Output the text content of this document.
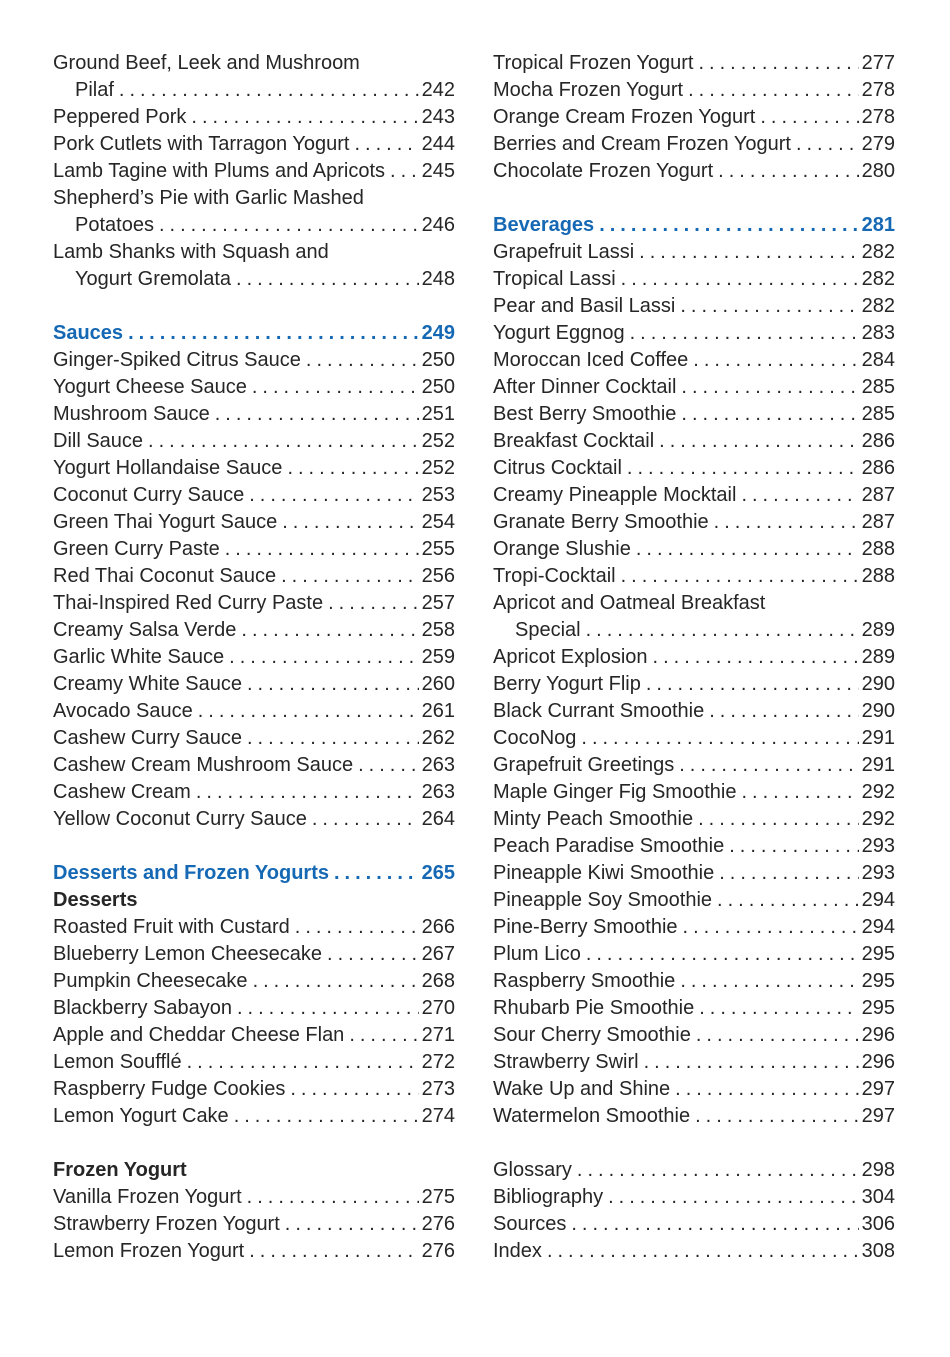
Ground Beef, Leek and Mushroom
Pilaf .....	242
Peppered Pork .....	243
Pork Cutlets with Tarragon Yogurt .....	244
Lamb Tagine with Plums and Apricots ..... 245
Shepherd’s Pie with Garlic Mashed
Potatoes .....	246
Lamb Shanks with Squash and
Yogurt Gremolata .....	248
Sauces .....	249
Ginger-Spiked Citrus Sauce .....	250
Yogurt Cheese Sauce .....	250
Mushroom Sauce .....	251
Dill Sauce .....	252
Yogurt Hollandaise Sauce .....	252
Coconut Curry Sauce .....	253
Green Thai Yogurt Sauce .....	254
Green Curry Paste .....	255
Red Thai Coconut Sauce .....	256
Thai-Inspired Red Curry Paste .....	257
Creamy Salsa Verde .....	258
Garlic White Sauce .....	259
Creamy White Sauce .....	260
Avocado Sauce .....	261
Cashew Curry Sauce .....	262
Cashew Cream Mushroom Sauce .....	263
Cashew Cream .....	263
Yellow Coconut Curry Sauce .....	264
Desserts and Frozen Yogurts .....	265
Desserts
Roasted Fruit with Custard .....	266
Blueberry Lemon Cheesecake .....	267
Pumpkin Cheesecake .....	268
Blackberry Sabayon .....	270
Apple and Cheddar Cheese Flan .....	271
Lemon Soufflé .....	272
Raspberry Fudge Cookies .....	273
Lemon Yogurt Cake .....	274
Frozen Yogurt
Vanilla Frozen Yogurt .....	275
Strawberry Frozen Yogurt .....	276
Lemon Frozen Yogurt .....	276
Tropical Frozen Yogurt .....	277
Mocha Frozen Yogurt .....	278
Orange Cream Frozen Yogurt .....	278
Berries and Cream Frozen Yogurt .....	279
Chocolate Frozen Yogurt .....	280
Beverages .....	281
Grapefruit Lassi .....	282
Tropical Lassi .....	282
Pear and Basil Lassi .....	282
Yogurt Eggnog .....	283
Moroccan Iced Coffee .....	284
After Dinner Cocktail .....	285
Best Berry Smoothie .....	285
Breakfast Cocktail .....	286
Citrus Cocktail .....	286
Creamy Pineapple Mocktail .....	287
Granate Berry Smoothie .....	287
Orange Slushie .....	288
Tropi-Cocktail .....	288
Apricot and Oatmeal Breakfast
Special .....	289
Apricot Explosion .....	289
Berry Yogurt Flip .....	290
Black Currant Smoothie .....	290
CocoNog .....	291
Grapefruit Greetings .....	291
Maple Ginger Fig Smoothie .....	292
Minty Peach Smoothie .....	292
Peach Paradise Smoothie .....	293
Pineapple Kiwi Smoothie .....	293
Pineapple Soy Smoothie .....	294
Pine-Berry Smoothie .....	294
Plum Lico .....	295
Raspberry Smoothie .....	295
Rhubarb Pie Smoothie .....	295
Sour Cherry Smoothie .....	296
Strawberry Swirl .....	296
Wake Up and Shine .....	297
Watermelon Smoothie .....	297
Glossary .....	298
Bibliography .....	304
Sources .....	306
Index .....	308
